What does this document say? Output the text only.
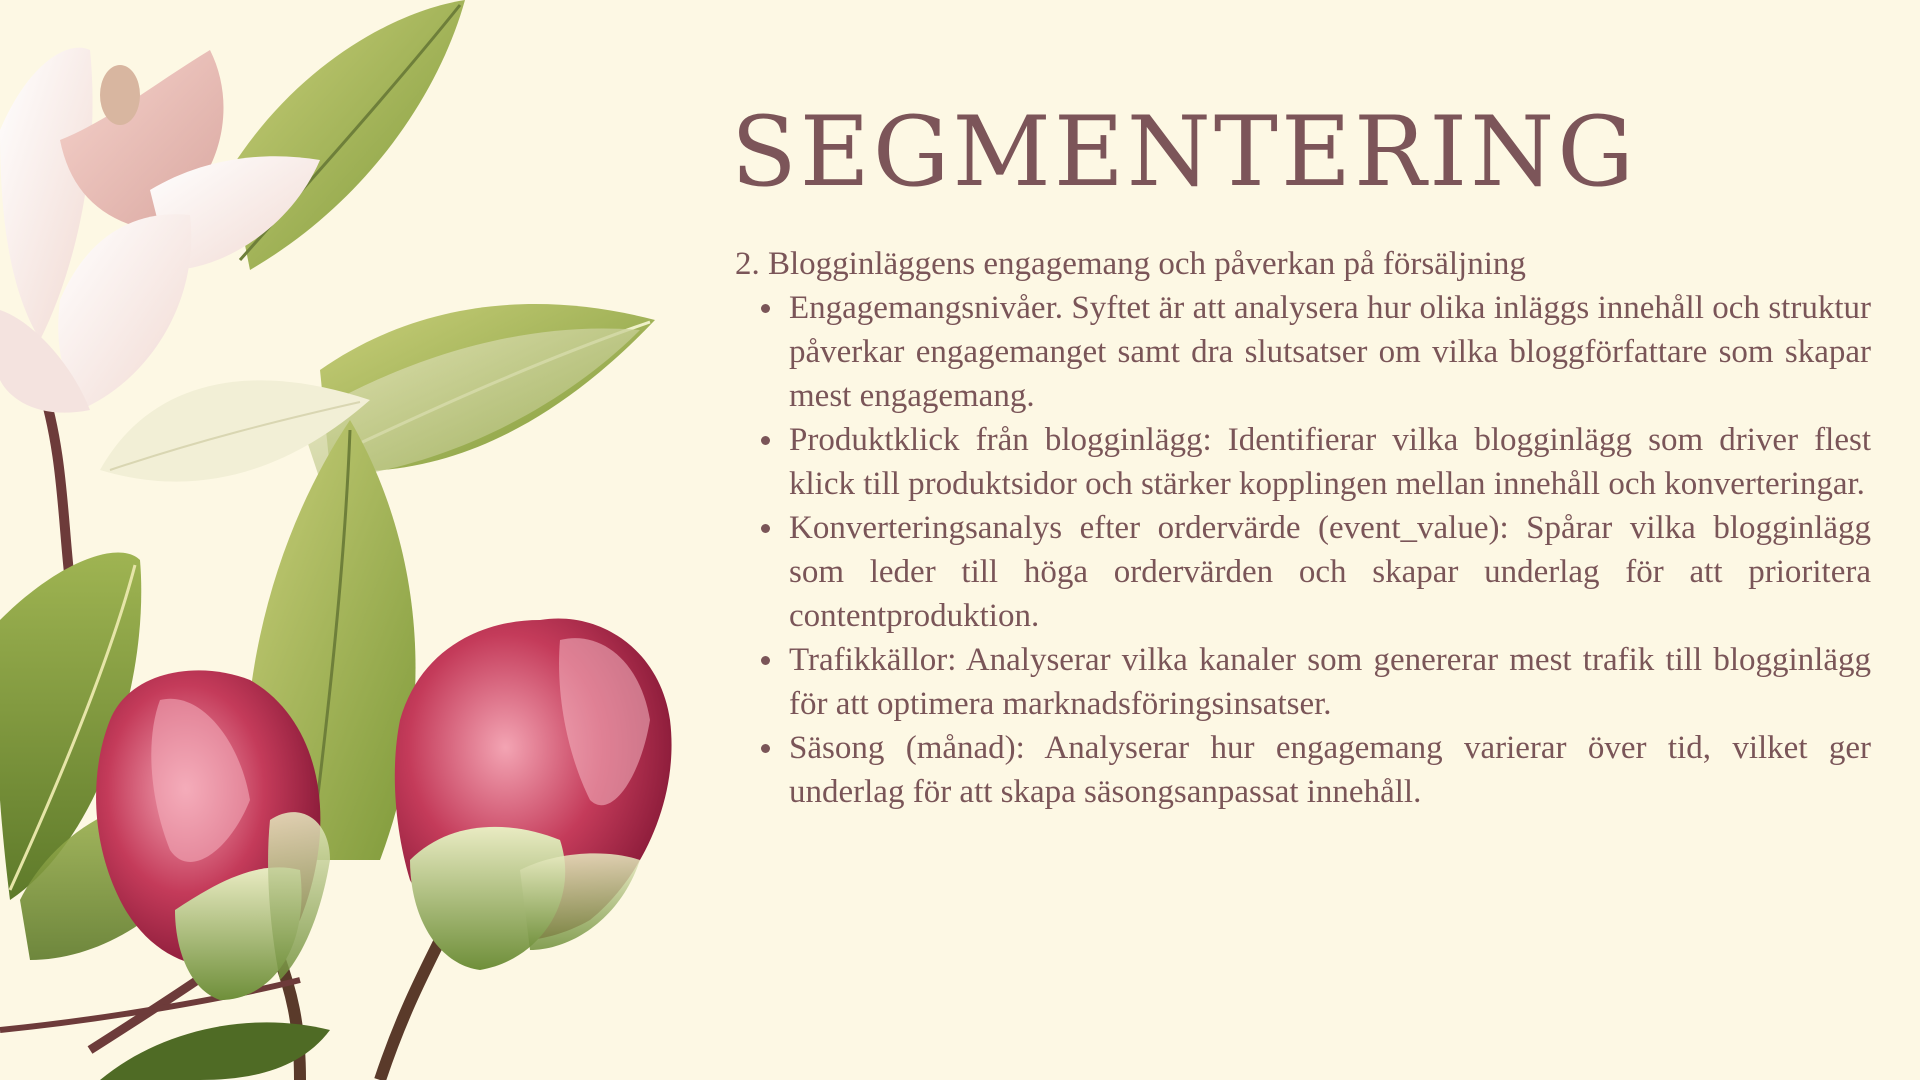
SEGMENTERING

2. Blogginläggens engagemang och påverkan på försäljning

Engagemangsnivåer. Syftet är att analysera hur olika inläggs innehåll och struktur påverkar engagemanget samt dra slutsatser om vilka bloggförfattare som skapar mest engagemang.
Produktklick från blogginlägg: Identifierar vilka blogginlägg som driver flest klick till produktsidor och stärker kopplingen mellan innehåll och konverteringar.
Konverteringsanalys efter ordervärde (event_value): Spårar vilka blogginlägg som leder till höga ordervärden och skapar underlag för att prioritera contentproduktion.
Trafikkällor: Analyserar vilka kanaler som genererar mest trafik till blogginlägg för att optimera marknadsföringsinsatser.
Säsong (månad): Analyserar hur engagemang varierar över tid, vilket ger underlag för att skapa säsongsanpassat innehåll.
